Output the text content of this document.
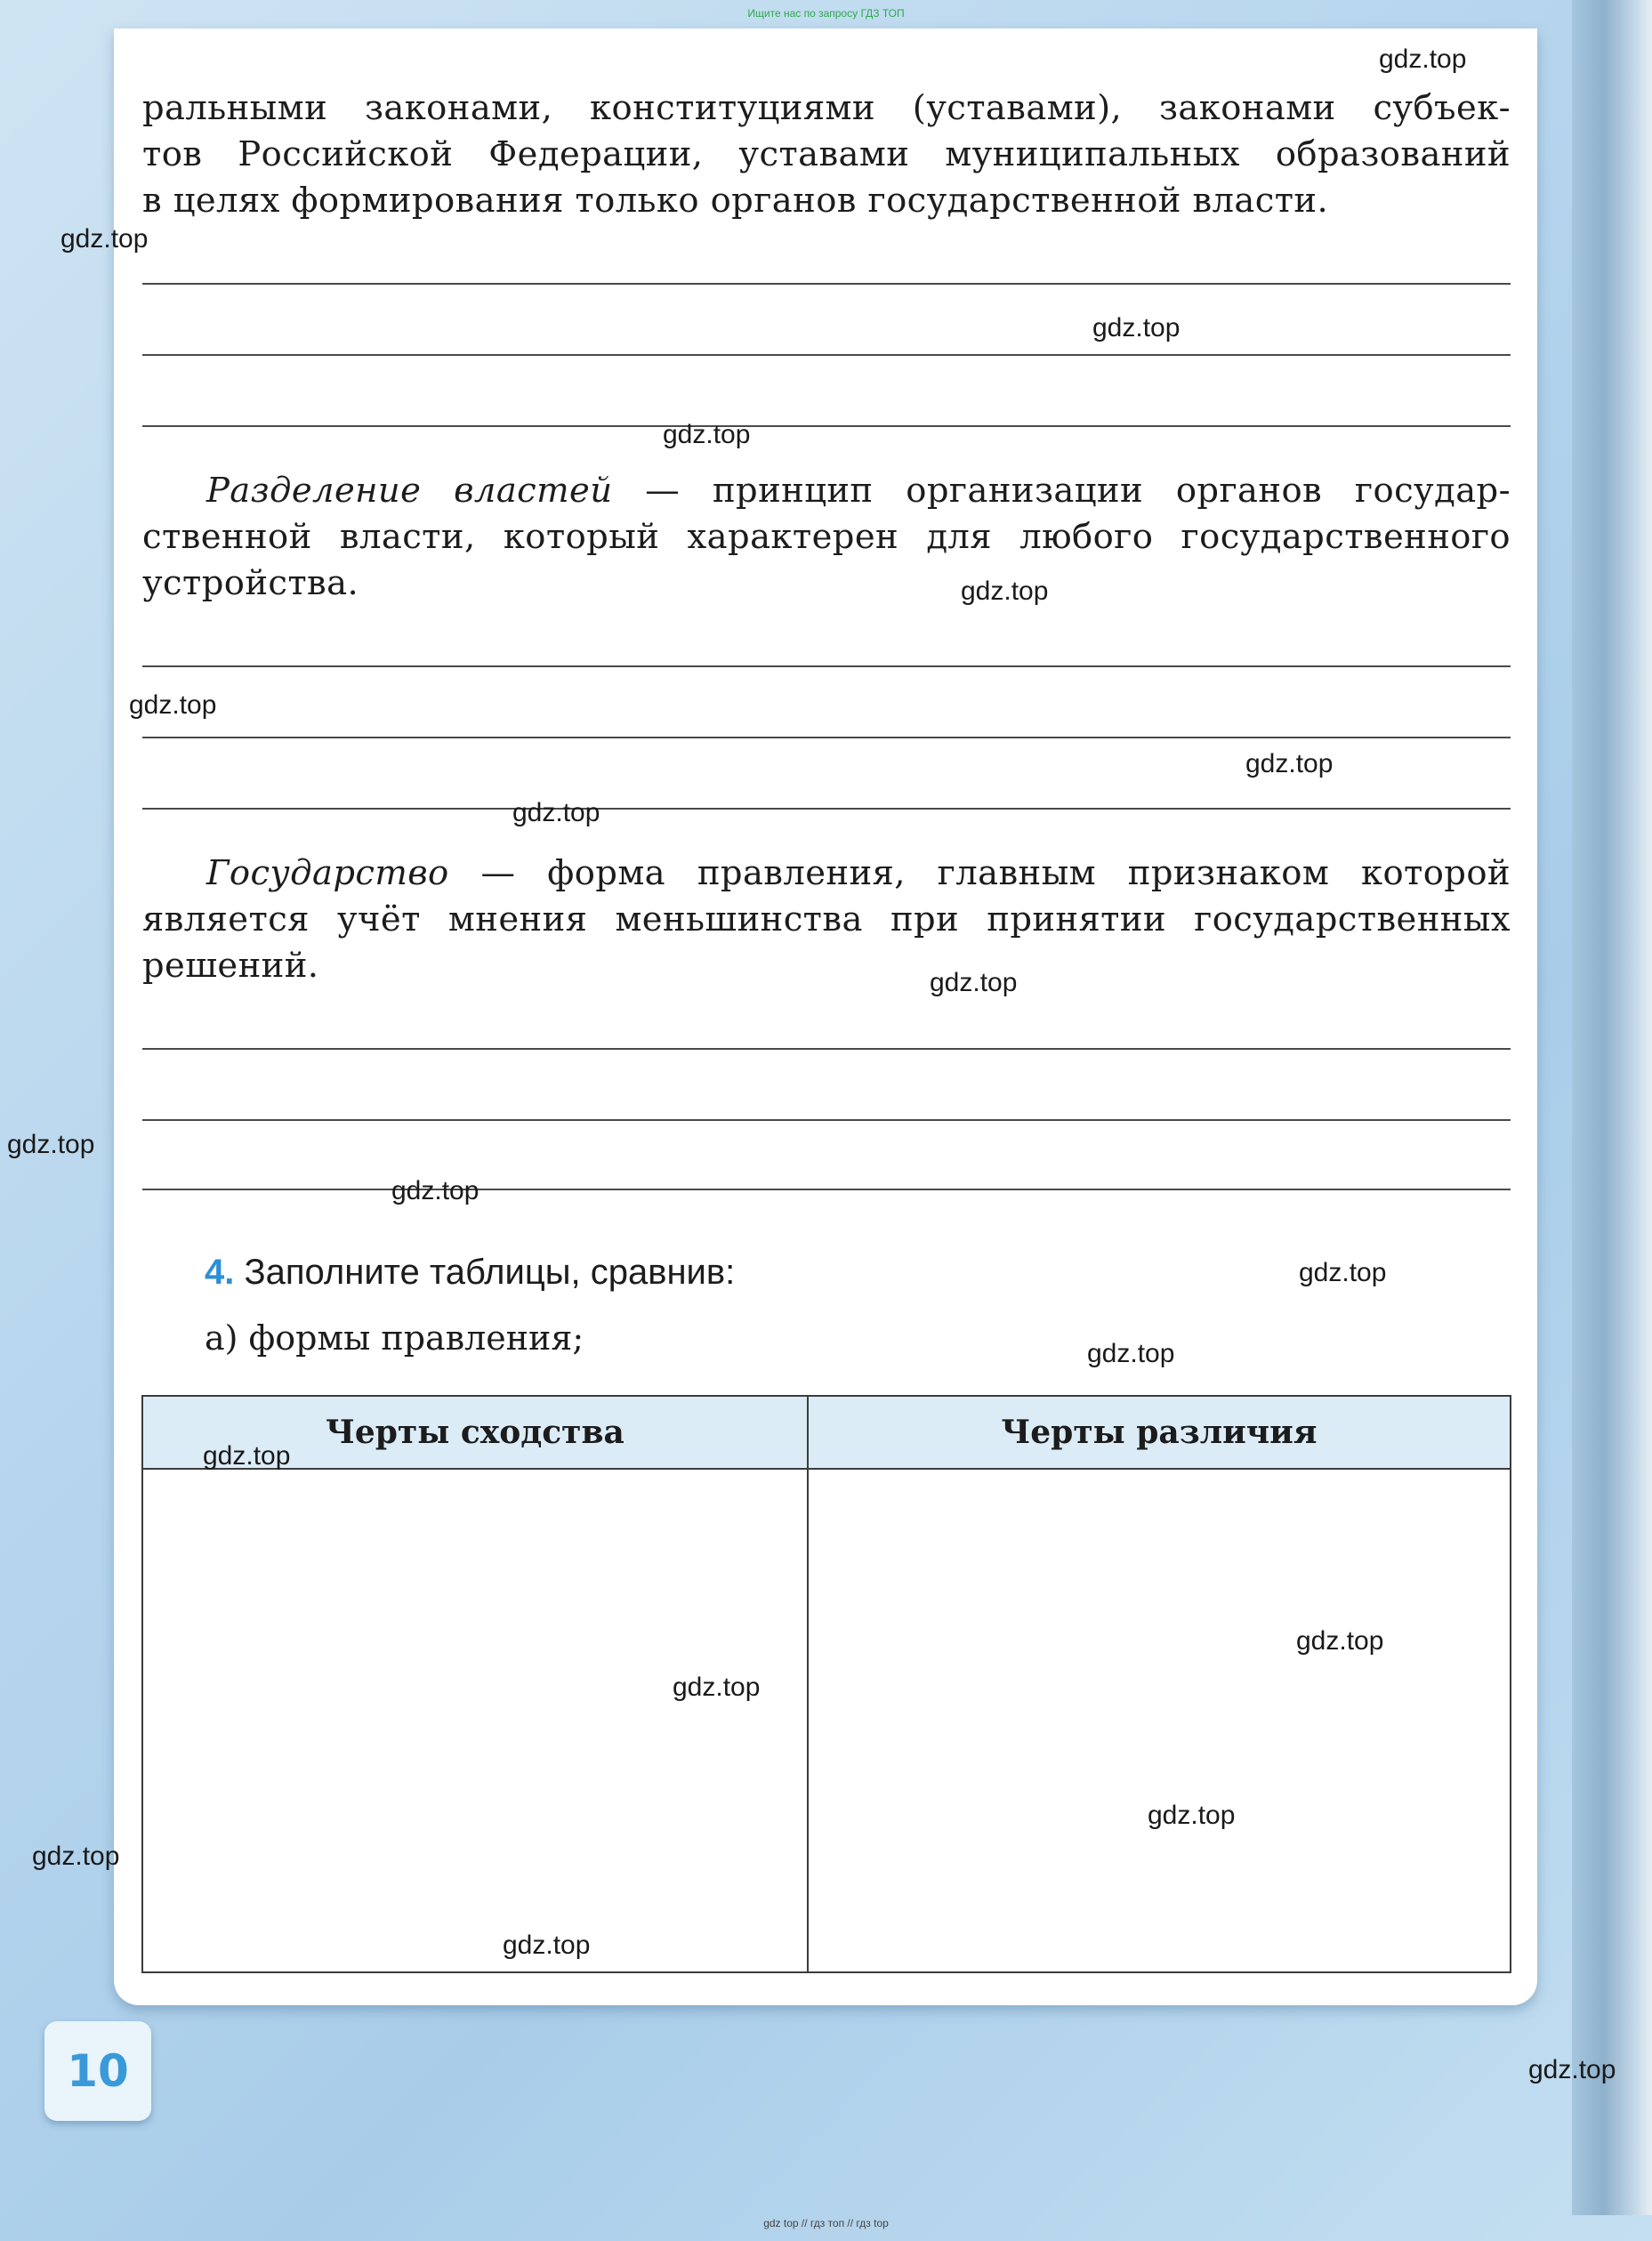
Ищите нас по запросу ГДЗ ТОП
ральными законами, конституциями (уставами), законами субъек-
тов Российской Федерации, уставами муниципальных образований
в целях формирования только органов государственной власти.
Разделение властей — принцип организации органов государ-
ственной власти, который характерен для любого государственного
устройства.
Государство — форма правления, главным признаком которой
является учёт мнения меньшинства при принятии государственных
решений.
4. Заполните таблицы, сравнив:
а) формы правления;
Черты сходства	Черты различия

10
gdz.top
gdz.top
gdz.top
gdz.top
gdz.top
gdz.top
gdz.top
gdz.top
gdz.top
gdz.top
gdz.top
gdz.top
gdz.top
gdz.top
gdz.top
gdz.top
gdz.top
gdz.top
gdz.top
gdz.top
gdz top // гдз топ // гдз top
